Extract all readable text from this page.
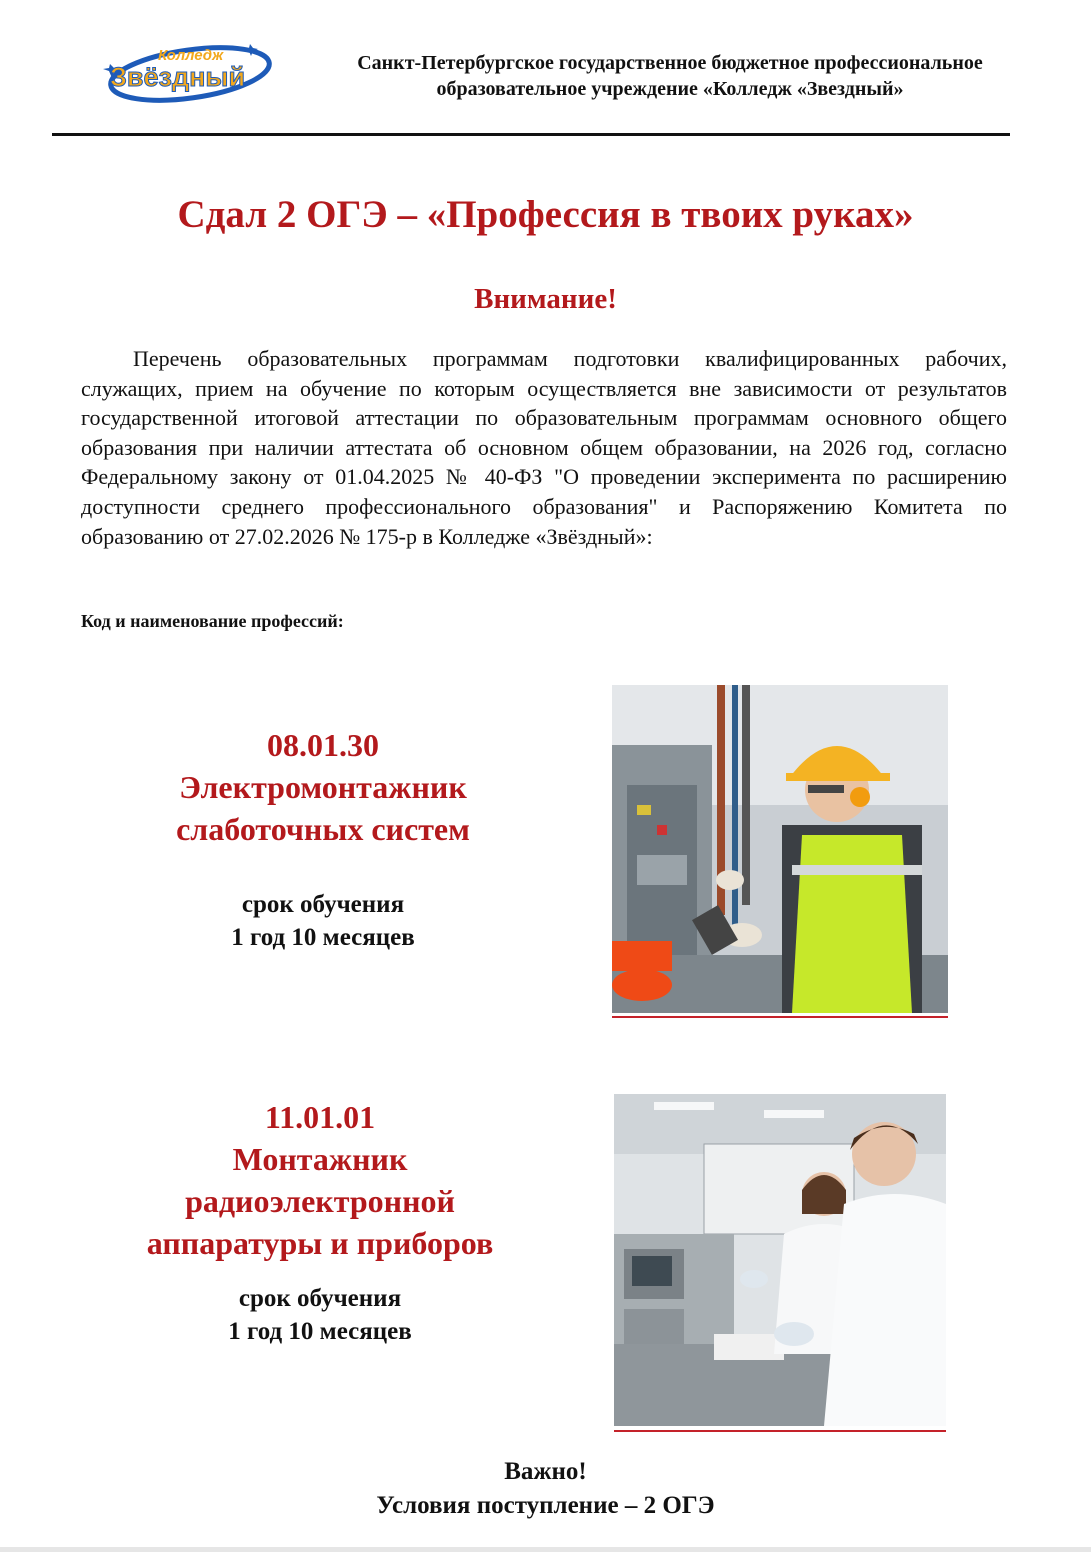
Колледж
Звёздный	Санкт-Петербургское государственное бюджетное профессиональное
образовательное учреждение «Колледж «Звездный»
Сдал 2 ОГЭ – «Профессия в твоих руках»
Внимание!
Перечень образовательных программам подготовки квалифицированных рабочих, служащих, прием на обучение по которым осуществляется вне зависимости от результатов государственной итоговой аттестации по образовательным программам основного общего образования при наличии аттестата об основном общем образовании, на 2026 год, согласно Федеральному закону от 01.04.2025 № 40-ФЗ "О проведении эксперимента по расширению доступности среднего профессионального образования" и Распоряжению Комитета по образованию от 27.02.2026 № 175-р в Колледже «Звёздный»:
Код и наименование профессий:
08.01.30
Электромонтажник
слаботочных систем
срок обучения
1 год 10 месяцев
11.01.01
Монтажник
радиоэлектронной
аппаратуры и приборов
срок обучения
1 год 10 месяцев
Важно!
Условия поступление – 2 ОГЭ
